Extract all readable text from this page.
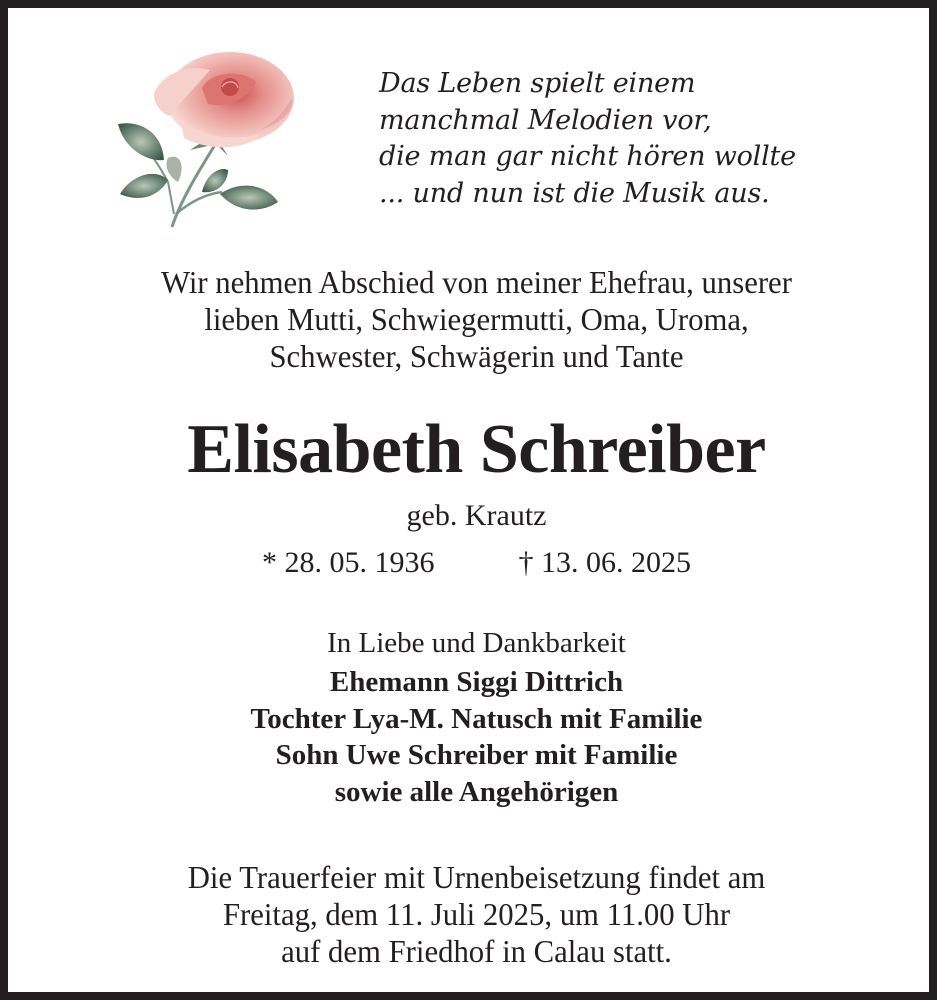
Das Leben spielt einem
manchmal Melodien vor,
die man gar nicht hören wollte
... und nun ist die Musik aus.
Wir nehmen Abschied von meiner Ehefrau, unserer
lieben Mutti, Schwiegermutti, Oma, Uroma,
Schwester, Schwägerin und Tante
Elisabeth Schreiber
geb. Krautz
* 28. 05. 1936	† 13. 06. 2025
In Liebe und Dankbarkeit
Ehemann Siggi Dittrich
Tochter Lya-M. Natusch mit Familie
Sohn Uwe Schreiber mit Familie
sowie alle Angehörigen
Die Trauerfeier mit Urnenbeisetzung findet am
Freitag, dem 11. Juli 2025, um 11.00 Uhr
auf dem Friedhof in Calau statt.
